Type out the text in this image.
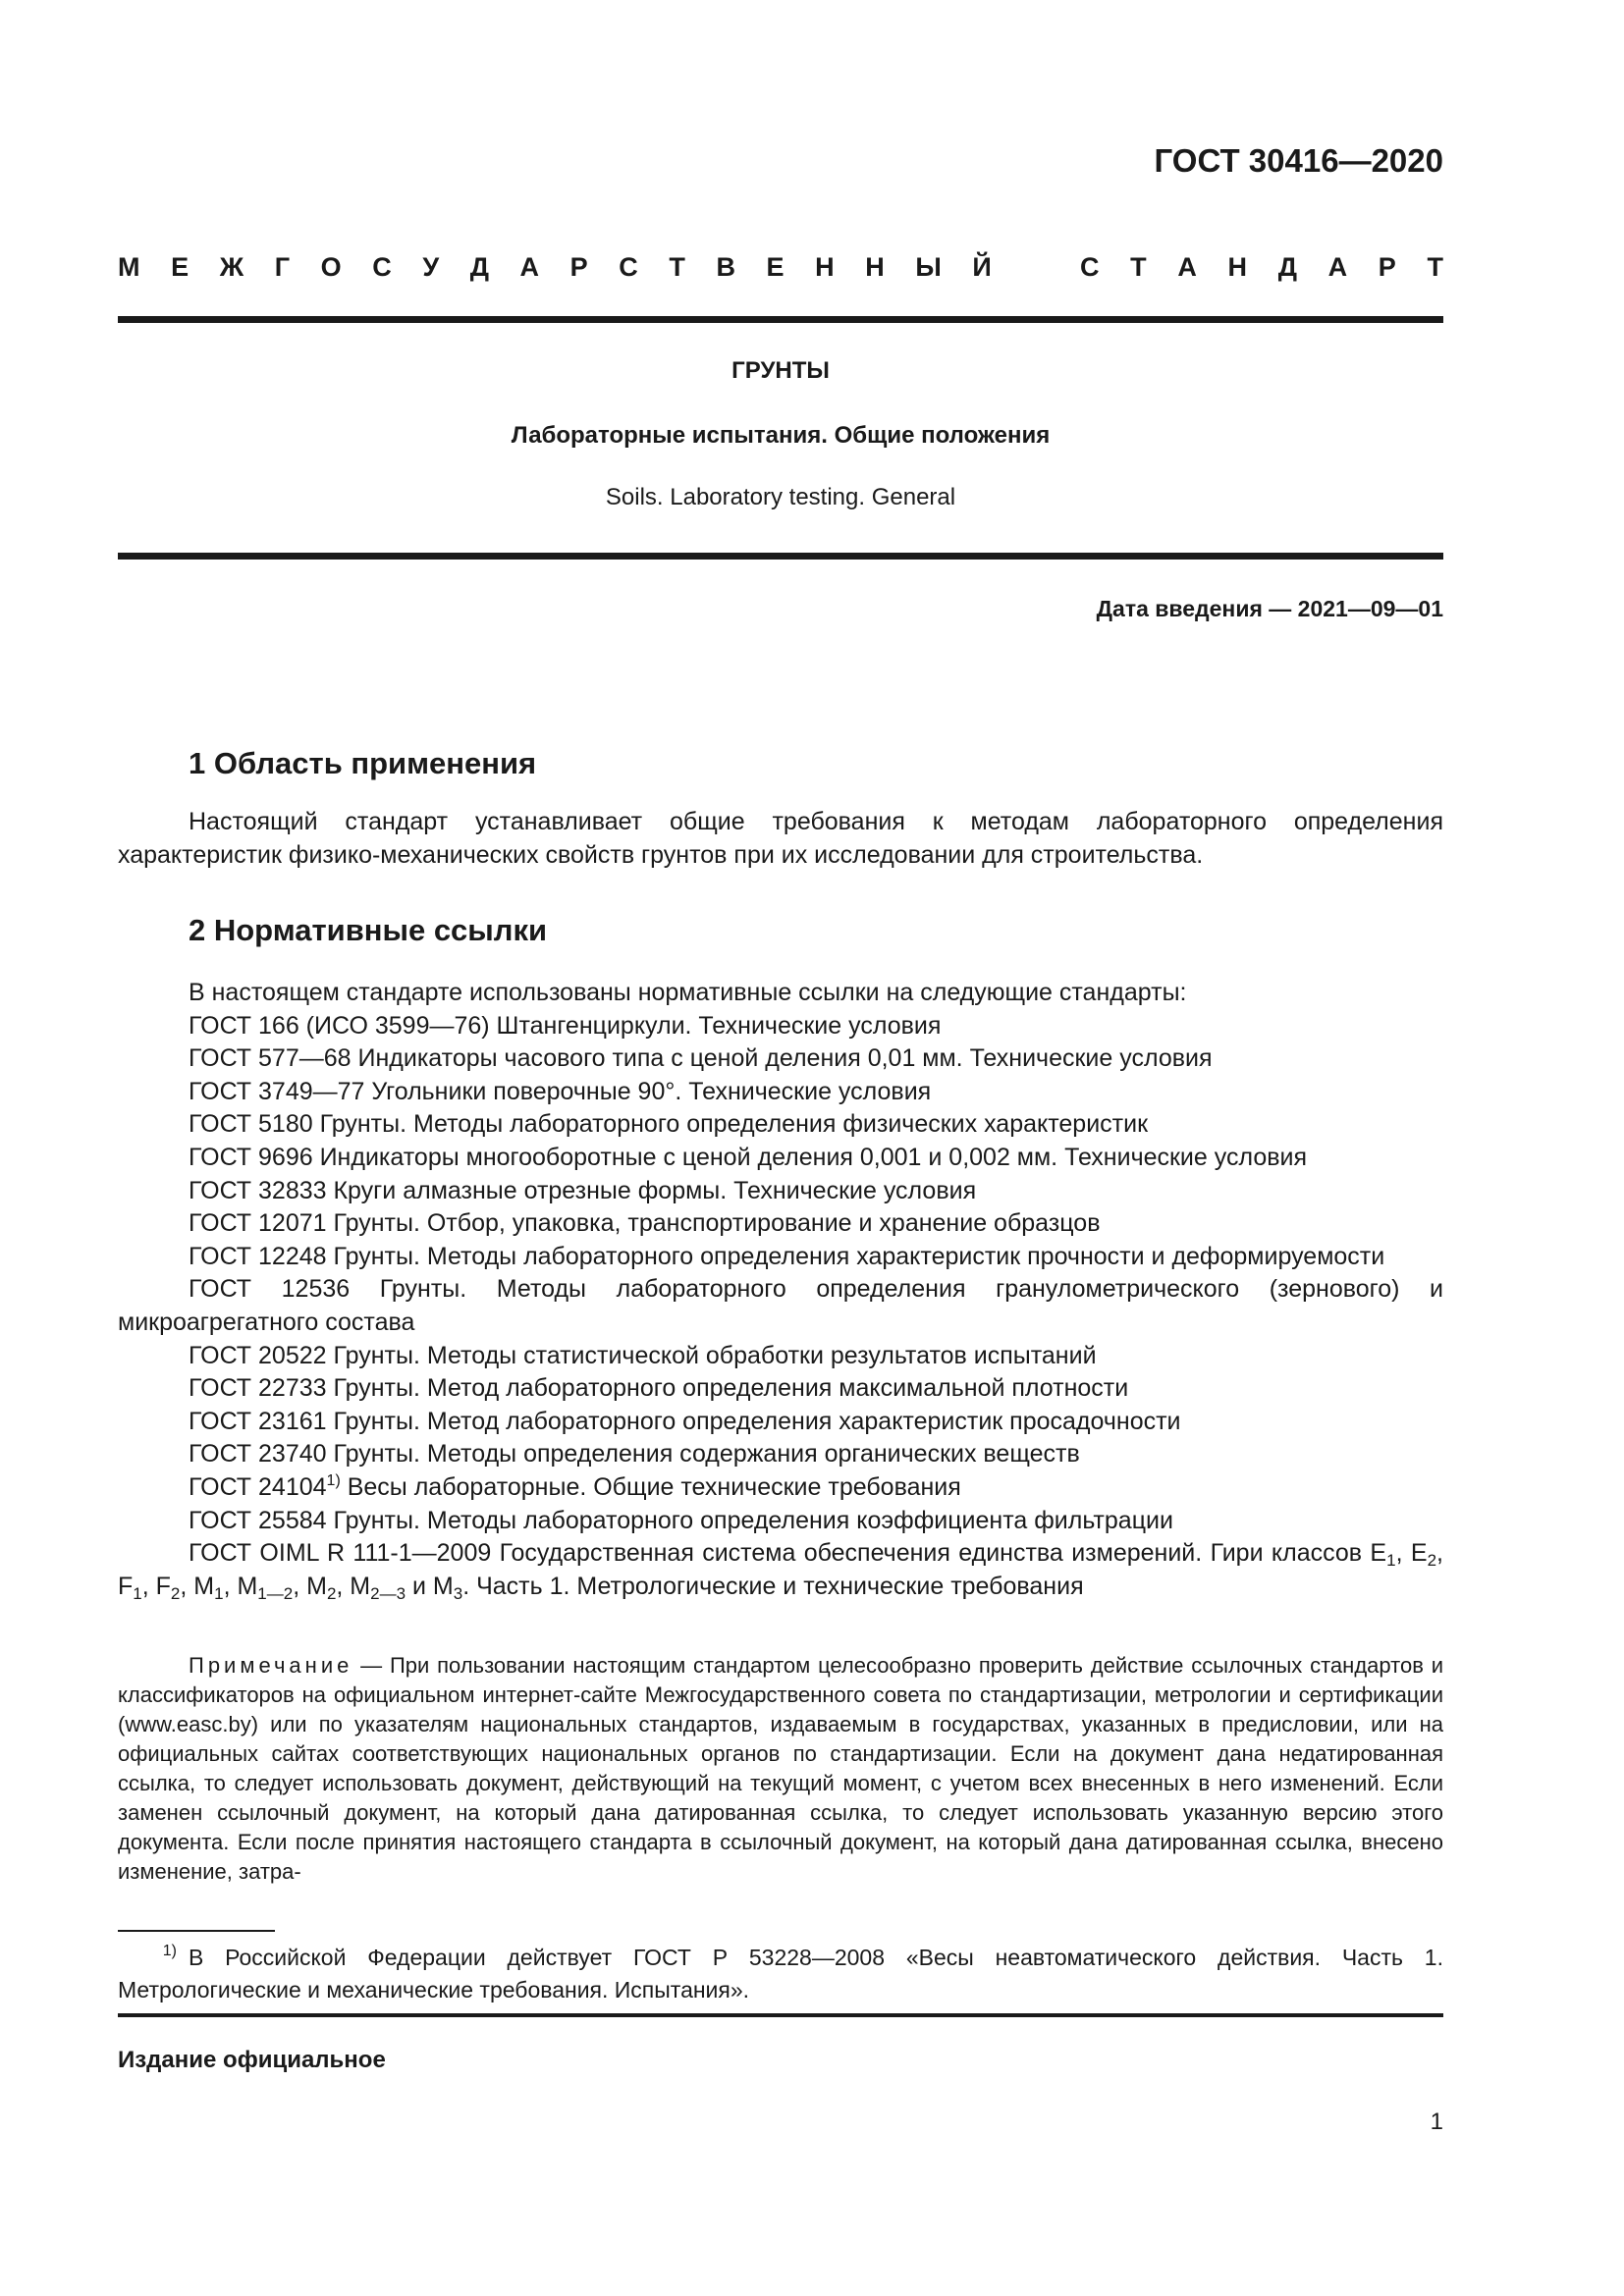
ГОСТ 30416—2020
М Е Ж Г О С У Д А Р С Т В Е Н Н Ы Й	С Т А Н Д А Р Т
ГРУНТЫ
Лабораторные испытания. Общие положения
Soils. Laboratory testing. General
Дата введения — 2021—09—01
1 Область применения
Настоящий стандарт устанавливает общие требования к методам лабораторного определения характеристик физико-механических свойств грунтов при их исследовании для строительства.
2 Нормативные ссылки
В настоящем стандарте использованы нормативные ссылки на следующие стандарты:
ГОСТ 166 (ИСО 3599—76) Штангенциркули. Технические условия
ГОСТ 577—68 Индикаторы часового типа с ценой деления 0,01 мм. Технические условия
ГОСТ 3749—77 Угольники поверочные 90°. Технические условия
ГОСТ 5180 Грунты. Методы лабораторного определения физических характеристик
ГОСТ 9696 Индикаторы многооборотные с ценой деления 0,001 и 0,002 мм. Технические условия
ГОСТ 32833 Круги алмазные отрезные формы. Технические условия
ГОСТ 12071 Грунты. Отбор, упаковка, транспортирование и хранение образцов
ГОСТ 12248 Грунты. Методы лабораторного определения характеристик прочности и деформируемости
ГОСТ 12536 Грунты. Методы лабораторного определения гранулометрического (зернового) и микроагрегатного состава
ГОСТ 20522 Грунты. Методы статистической обработки результатов испытаний
ГОСТ 22733 Грунты. Метод лабораторного определения максимальной плотности
ГОСТ 23161 Грунты. Метод лабораторного определения характеристик просадочности
ГОСТ 23740 Грунты. Методы определения содержания органических веществ
ГОСТ 24104$^{1)}$ Весы лабораторные. Общие технические требования
ГОСТ 25584 Грунты. Методы лабораторного определения коэффициента фильтрации
ГОСТ OIML R 111-1—2009 Государственная система обеспечения единства измерений. Гири классов $E_1$, $E_2$, $F_1$, $F_2$, $M_1$, $M_{1—2}$, $M_2$, $M_{2—3}$ и $M_3$. Часть 1. Метрологические и технические требования
Примечание — При пользовании настоящим стандартом целесообразно проверить действие ссылочных стандартов и классификаторов на официальном интернет-сайте Межгосударственного совета по стандартизации, метрологии и сертификации (www.easc.by) или по указателям национальных стандартов, издаваемым в государствах, указанных в предисловии, или на официальных сайтах соответствующих национальных органов по стандартизации. Если на документ дана недатированная ссылка, то следует использовать документ, действующий на текущий момент, с учетом всех внесенных в него изменений. Если заменен ссылочный документ, на который дана датированная ссылка, то следует использовать указанную версию этого документа. Если после принятия настоящего стандарта в ссылочный документ, на который дана датированная ссылка, внесено изменение, затра-
$^{1)}$ В Российской Федерации действует ГОСТ Р 53228—2008 «Весы неавтоматического действия. Часть 1. Метрологические и механические требования. Испытания».
Издание официальное
1
